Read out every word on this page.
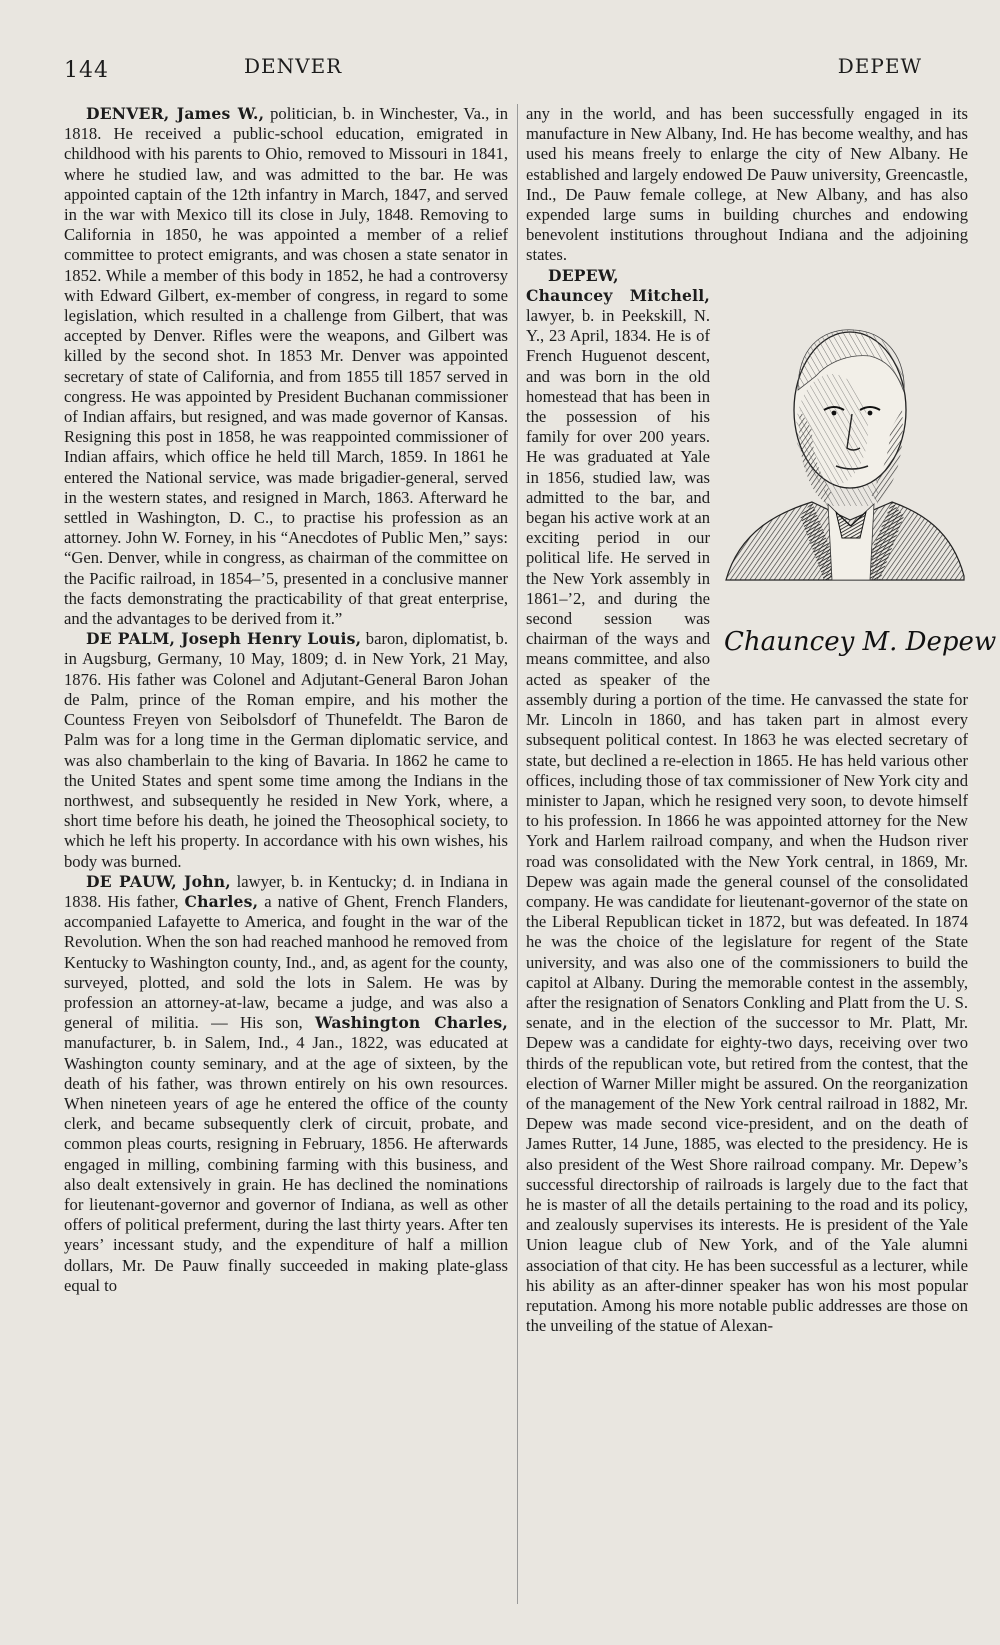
144	DENVER	DEPEW

DENVER, James W., politician, b. in Winchester, Va., in 1818. He received a public-school education, emigrated in childhood with his parents to Ohio, removed to Missouri in 1841, where he studied law, and was admitted to the bar. He was appointed captain of the 12th infantry in March, 1847, and served in the war with Mexico till its close in July, 1848. Removing to California in 1850, he was appointed a member of a relief committee to protect emigrants, and was chosen a state senator in 1852. While a member of this body in 1852, he had a controversy with Edward Gilbert, ex-member of congress, in regard to some legislation, which resulted in a challenge from Gilbert, that was accepted by Denver. Rifles were the weapons, and Gilbert was killed by the second shot. In 1853 Mr. Denver was appointed secretary of state of California, and from 1855 till 1857 served in congress. He was appointed by President Buchanan commissioner of Indian affairs, but resigned, and was made governor of Kansas. Resigning this post in 1858, he was reappointed commissioner of Indian affairs, which office he held till March, 1859. In 1861 he entered the National service, was made brigadier-general, served in the western states, and resigned in March, 1863. Afterward he settled in Washington, D. C., to practise his profession as an attorney. John W. Forney, in his “Anecdotes of Public Men,” says: “Gen. Denver, while in congress, as chairman of the committee on the Pacific railroad, in 1854–’5, presented in a conclusive manner the facts demonstrating the practicability of that great enterprise, and the advantages to be derived from it.”

DE PALM, Joseph Henry Louis, baron, diplomatist, b. in Augsburg, Germany, 10 May, 1809; d. in New York, 21 May, 1876. His father was Colonel and Adjutant-General Baron Johan de Palm, prince of the Roman empire, and his mother the Countess Freyen von Seibolsdorf of Thunefeldt. The Baron de Palm was for a long time in the German diplomatic service, and was also chamberlain to the king of Bavaria. In 1862 he came to the United States and spent some time among the Indians in the northwest, and subsequently he resided in New York, where, a short time before his death, he joined the Theosophical society, to which he left his property. In accordance with his own wishes, his body was burned.

DE PAUW, John, lawyer, b. in Kentucky; d. in Indiana in 1838. His father, Charles, a native of Ghent, French Flanders, accompanied Lafayette to America, and fought in the war of the Revolution. When the son had reached manhood he removed from Kentucky to Washington county, Ind., and, as agent for the county, surveyed, plotted, and sold the lots in Salem. He was by profession an attorney-at-law, became a judge, and was also a general of militia. — His son, Washington Charles, manufacturer, b. in Salem, Ind., 4 Jan., 1822, was educated at Washington county seminary, and at the age of sixteen, by the death of his father, was thrown entirely on his own resources. When nineteen years of age he entered the office of the county clerk, and became subsequently clerk of circuit, probate, and common pleas courts, resigning in February, 1856. He afterwards engaged in milling, combining farming with this business, and also dealt extensively in grain. He has declined the nominations for lieutenant-governor and governor of Indiana, as well as other offers of political preferment, during the last thirty years. After ten years’ incessant study, and the expenditure of half a million dollars, Mr. De Pauw finally succeeded in making plate-glass equal to

any in the world, and has been successfully engaged in its manufacture in New Albany, Ind. He has become wealthy, and has used his means freely to enlarge the city of New Albany. He established and largely endowed De Pauw university, Greencastle, Ind., De Pauw female college, at New Albany, and has also expended large sums in building churches and endowing benevolent institutions throughout Indiana and the adjoining states.

Chauncey M. Depew
DEPEW, Chauncey Mitchell, lawyer, b. in Peekskill, N. Y., 23 April, 1834. He is of French Huguenot descent, and was born in the old homestead that has been in the possession of his family for over 200 years. He was graduated at Yale in 1856, studied law, was admitted to the bar, and began his active work at an exciting period in our political life. He served in the New York assembly in 1861–’2, and during the second session was chairman of the ways and means committee, and also acted as speaker of the assembly during a portion of the time. He canvassed the state for Mr. Lincoln in 1860, and has taken part in almost every subsequent political contest. In 1863 he was elected secretary of state, but declined a re-election in 1865. He has held various other offices, including those of tax commissioner of New York city and minister to Japan, which he resigned very soon, to devote himself to his profession. In 1866 he was appointed attorney for the New York and Harlem railroad company, and when the Hudson river road was consolidated with the New York central, in 1869, Mr. Depew was again made the general counsel of the consolidated company. He was candidate for lieutenant-governor of the state on the Liberal Republican ticket in 1872, but was defeated. In 1874 he was the choice of the legislature for regent of the State university, and was also one of the commissioners to build the capitol at Albany. During the memorable contest in the assembly, after the resignation of Senators Conkling and Platt from the U. S. senate, and in the election of the successor to Mr. Platt, Mr. Depew was a candidate for eighty-two days, receiving over two thirds of the republican vote, but retired from the contest, that the election of Warner Miller might be assured. On the reorganization of the management of the New York central railroad in 1882, Mr. Depew was made second vice-president, and on the death of James Rutter, 14 June, 1885, was elected to the presidency. He is also president of the West Shore railroad company. Mr. Depew’s successful directorship of railroads is largely due to the fact that he is master of all the details pertaining to the road and its policy, and zealously supervises its interests. He is president of the Yale Union league club of New York, and of the Yale alumni association of that city. He has been successful as a lecturer, while his ability as an after-dinner speaker has won his most popular reputation. Among his more notable public addresses are those on the unveiling of the statue of Alexan-
